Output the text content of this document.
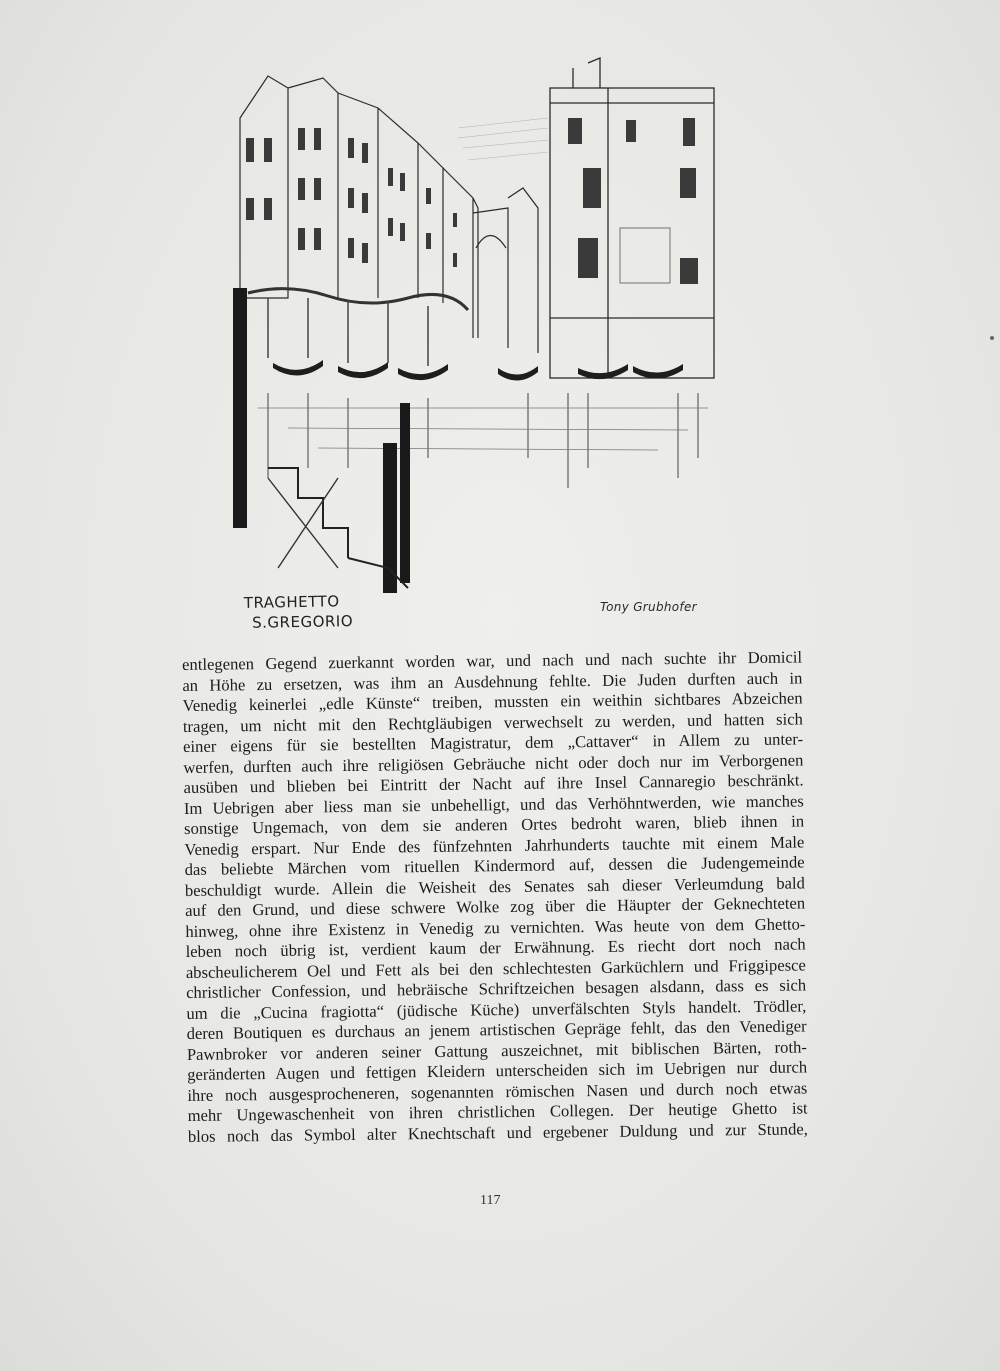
TRAGHETTO
S.GREGORIO
Tony Grubhofer
entlegenen Gegend zuerkannt worden war, und nach und nach suchte ihr Domicil
an Höhe zu ersetzen, was ihm an Ausdehnung fehlte. Die Juden durften auch in
Venedig keinerlei „edle Künste“ treiben, mussten ein weithin sichtbares Abzeichen
tragen, um nicht mit den Rechtgläubigen verwechselt zu werden, und hatten sich
einer eigens für sie bestellten Magistratur, dem „Cattaver“ in Allem zu unter-
werfen, durften auch ihre religiösen Gebräuche nicht oder doch nur im Verborgenen
ausüben und blieben bei Eintritt der Nacht auf ihre Insel Cannaregio beschränkt.
Im Uebrigen aber liess man sie unbehelligt, und das Verhöhntwerden, wie manches
sonstige Ungemach, von dem sie anderen Ortes bedroht waren, blieb ihnen in
Venedig erspart. Nur Ende des fünfzehnten Jahrhunderts tauchte mit einem Male
das beliebte Märchen vom rituellen Kindermord auf, dessen die Judengemeinde
beschuldigt wurde. Allein die Weisheit des Senates sah dieser Verleumdung bald
auf den Grund, und diese schwere Wolke zog über die Häupter der Geknechteten
hinweg, ohne ihre Existenz in Venedig zu vernichten. Was heute von dem Ghetto-
leben noch übrig ist, verdient kaum der Erwähnung. Es riecht dort noch nach
abscheulicherem Oel und Fett als bei den schlechtesten Garküchlern und Friggipesce
christlicher Confession, und hebräische Schriftzeichen besagen alsdann, dass es sich
um die „Cucina fragiotta“ (jüdische Küche) unverfälschten Styls handelt. Trödler,
deren Boutiquen es durchaus an jenem artistischen Gepräge fehlt, das den Venediger
Pawnbroker vor anderen seiner Gattung auszeichnet, mit biblischen Bärten, roth-
geränderten Augen und fettigen Kleidern unterscheiden sich im Uebrigen nur durch
ihre noch ausgesprocheneren, sogenannten römischen Nasen und durch noch etwas
mehr Ungewaschenheit von ihren christlichen Collegen. Der heutige Ghetto ist
blos noch das Symbol alter Knechtschaft und ergebener Duldung und zur Stunde,
117
